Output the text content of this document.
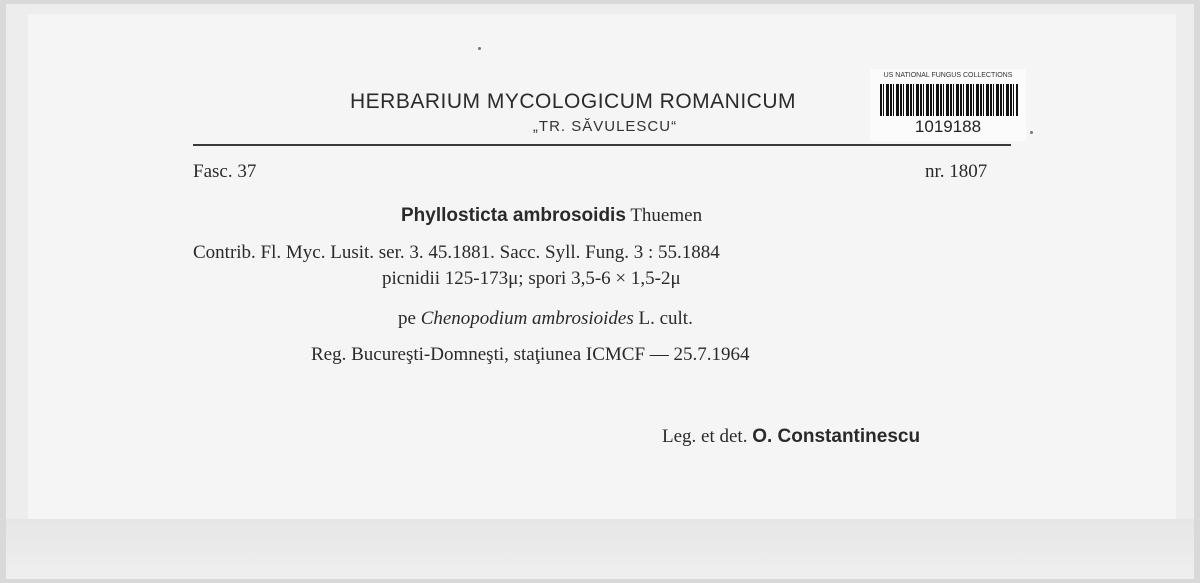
HERBARIUM MYCOLOGICUM ROMANICUM
„TR. SĂVULESCU“
US NATIONAL FUNGUS COLLECTIONS
1019188
Fasc. 37	nr. 1807
Phyllosticta ambrosoidis Thuemen
Contrib. Fl. Myc. Lusit. ser. 3. 45.1881. Sacc. Syll. Fung. 3 : 55.1884
picnidii 125-173μ; spori 3,5-6 × 1,5-2μ
pe Chenopodium ambrosioides L. cult.
Reg. Bucureşti-Domneşti, staţiunea ICMCF — 25.7.1964
Leg. et det. O. Constantinescu
